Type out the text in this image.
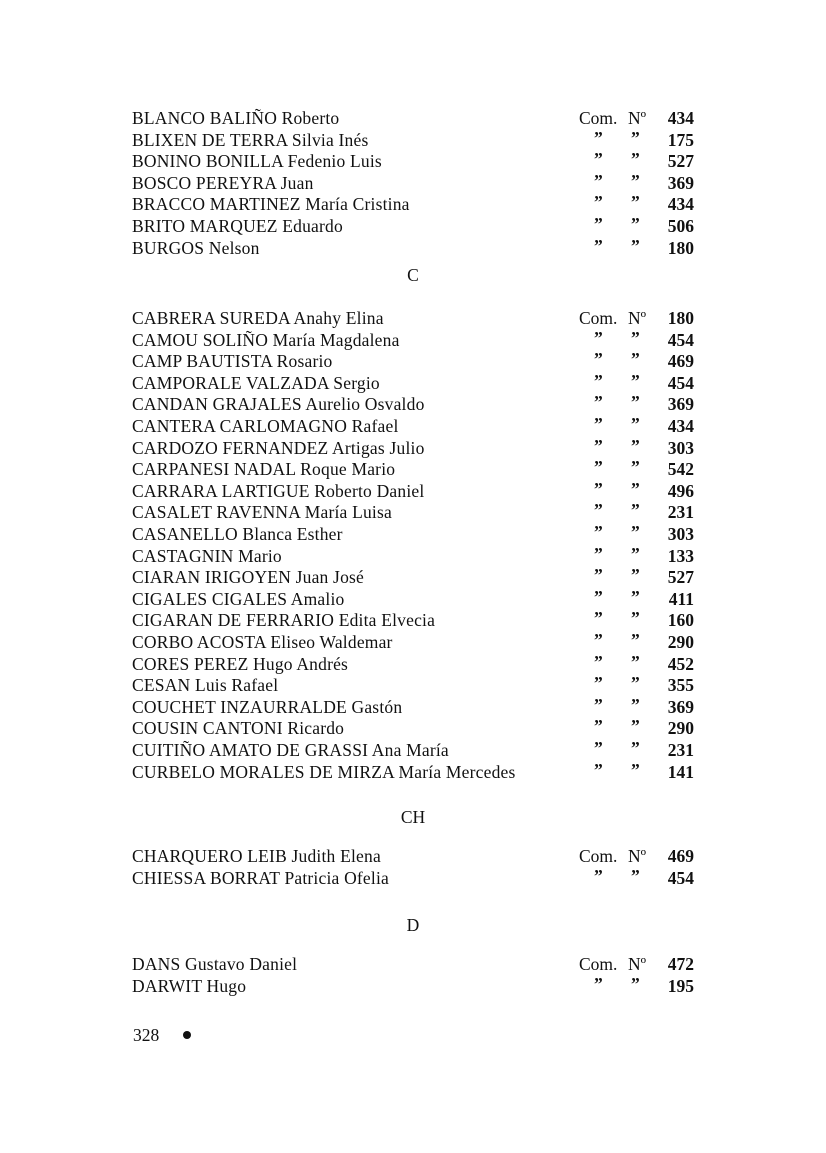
BLANCO BALIÑO Roberto	Com. Nº 434
BLIXEN DE TERRA Silvia Inés	” ” 175
BONINO BONILLA Fedenio Luis	” ” 527
BOSCO PEREYRA Juan	” ” 369
BRACCO MARTINEZ María Cristina	” ” 434
BRITO MARQUEZ Eduardo	” ” 506
BURGOS Nelson	” ” 180
C
CABRERA SUREDA Anahy Elina	Com. Nº 180
CAMOU SOLIÑO María Magdalena	” ” 454
CAMP BAUTISTA Rosario	” ” 469
CAMPORALE VALZADA Sergio	” ” 454
CANDAN GRAJALES Aurelio Osvaldo	” ” 369
CANTERA CARLOMAGNO Rafael	” ” 434
CARDOZO FERNANDEZ Artigas Julio	” ” 303
CARPANESI NADAL Roque Mario	” ” 542
CARRARA LARTIGUE Roberto Daniel	” ” 496
CASALET RAVENNA María Luisa	” ” 231
CASANELLO Blanca Esther	” ” 303
CASTAGNIN Mario	” ” 133
CIARAN IRIGOYEN Juan José	” ” 527
CIGALES CIGALES Amalio	” ” 411
CIGARAN DE FERRARIO Edita Elvecia	” ” 160
CORBO ACOSTA Eliseo Waldemar	” ” 290
CORES PEREZ Hugo Andrés	” ” 452
CESAN Luis Rafael	” ” 355
COUCHET INZAURRALDE Gastón	” ” 369
COUSIN CANTONI Ricardo	” ” 290
CUITIÑO AMATO DE GRASSI Ana María	” ” 231
CURBELO MORALES DE MIRZA María Mercedes	” ” 141
CH
CHARQUERO LEIB Judith Elena	Com. Nº 469
CHIESSA BORRAT Patricia Ofelia	” ” 454
D
DANS Gustavo Daniel	Com. Nº 472
DARWIT Hugo	” ” 195
328
